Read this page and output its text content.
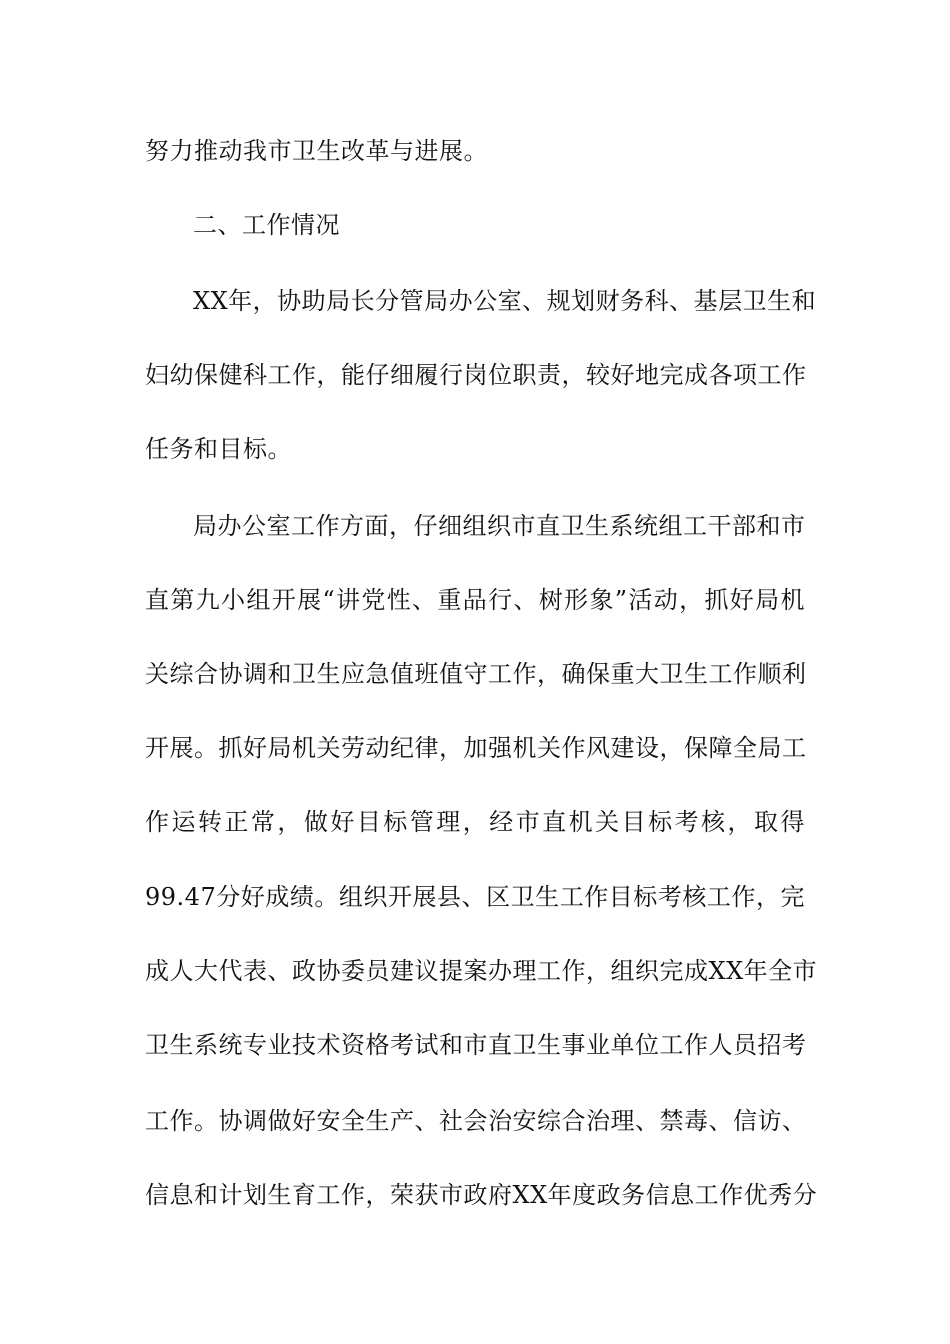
努力推动我市卫生改革与进展。
二、工作情况
XX年，协助局长分管局办公室、规划财务科、基层卫生和
妇幼保健科工作，能仔细履行岗位职责，较好地完成各项工作
任务和目标。
局办公室工作方面，仔细组织市直卫生系统组工干部和市
直第九小组开展“讲党性、重品行、树形象”活动，抓好局机
关综合协调和卫生应急值班值守工作，确保重大卫生工作顺利
开展。抓好局机关劳动纪律，加强机关作风建设，保障全局工
作运转正常，做好目标管理，经市直机关目标考核，取得
99.47分好成绩。组织开展县、区卫生工作目标考核工作，完
成人大代表、政协委员建议提案办理工作，组织完成XX年全市
卫生系统专业技术资格考试和市直卫生事业单位工作人员招考
工作。协调做好安全生产、社会治安综合治理、禁毒、信访、
信息和计划生育工作，荣获市政府XX年度政务信息工作优秀分
